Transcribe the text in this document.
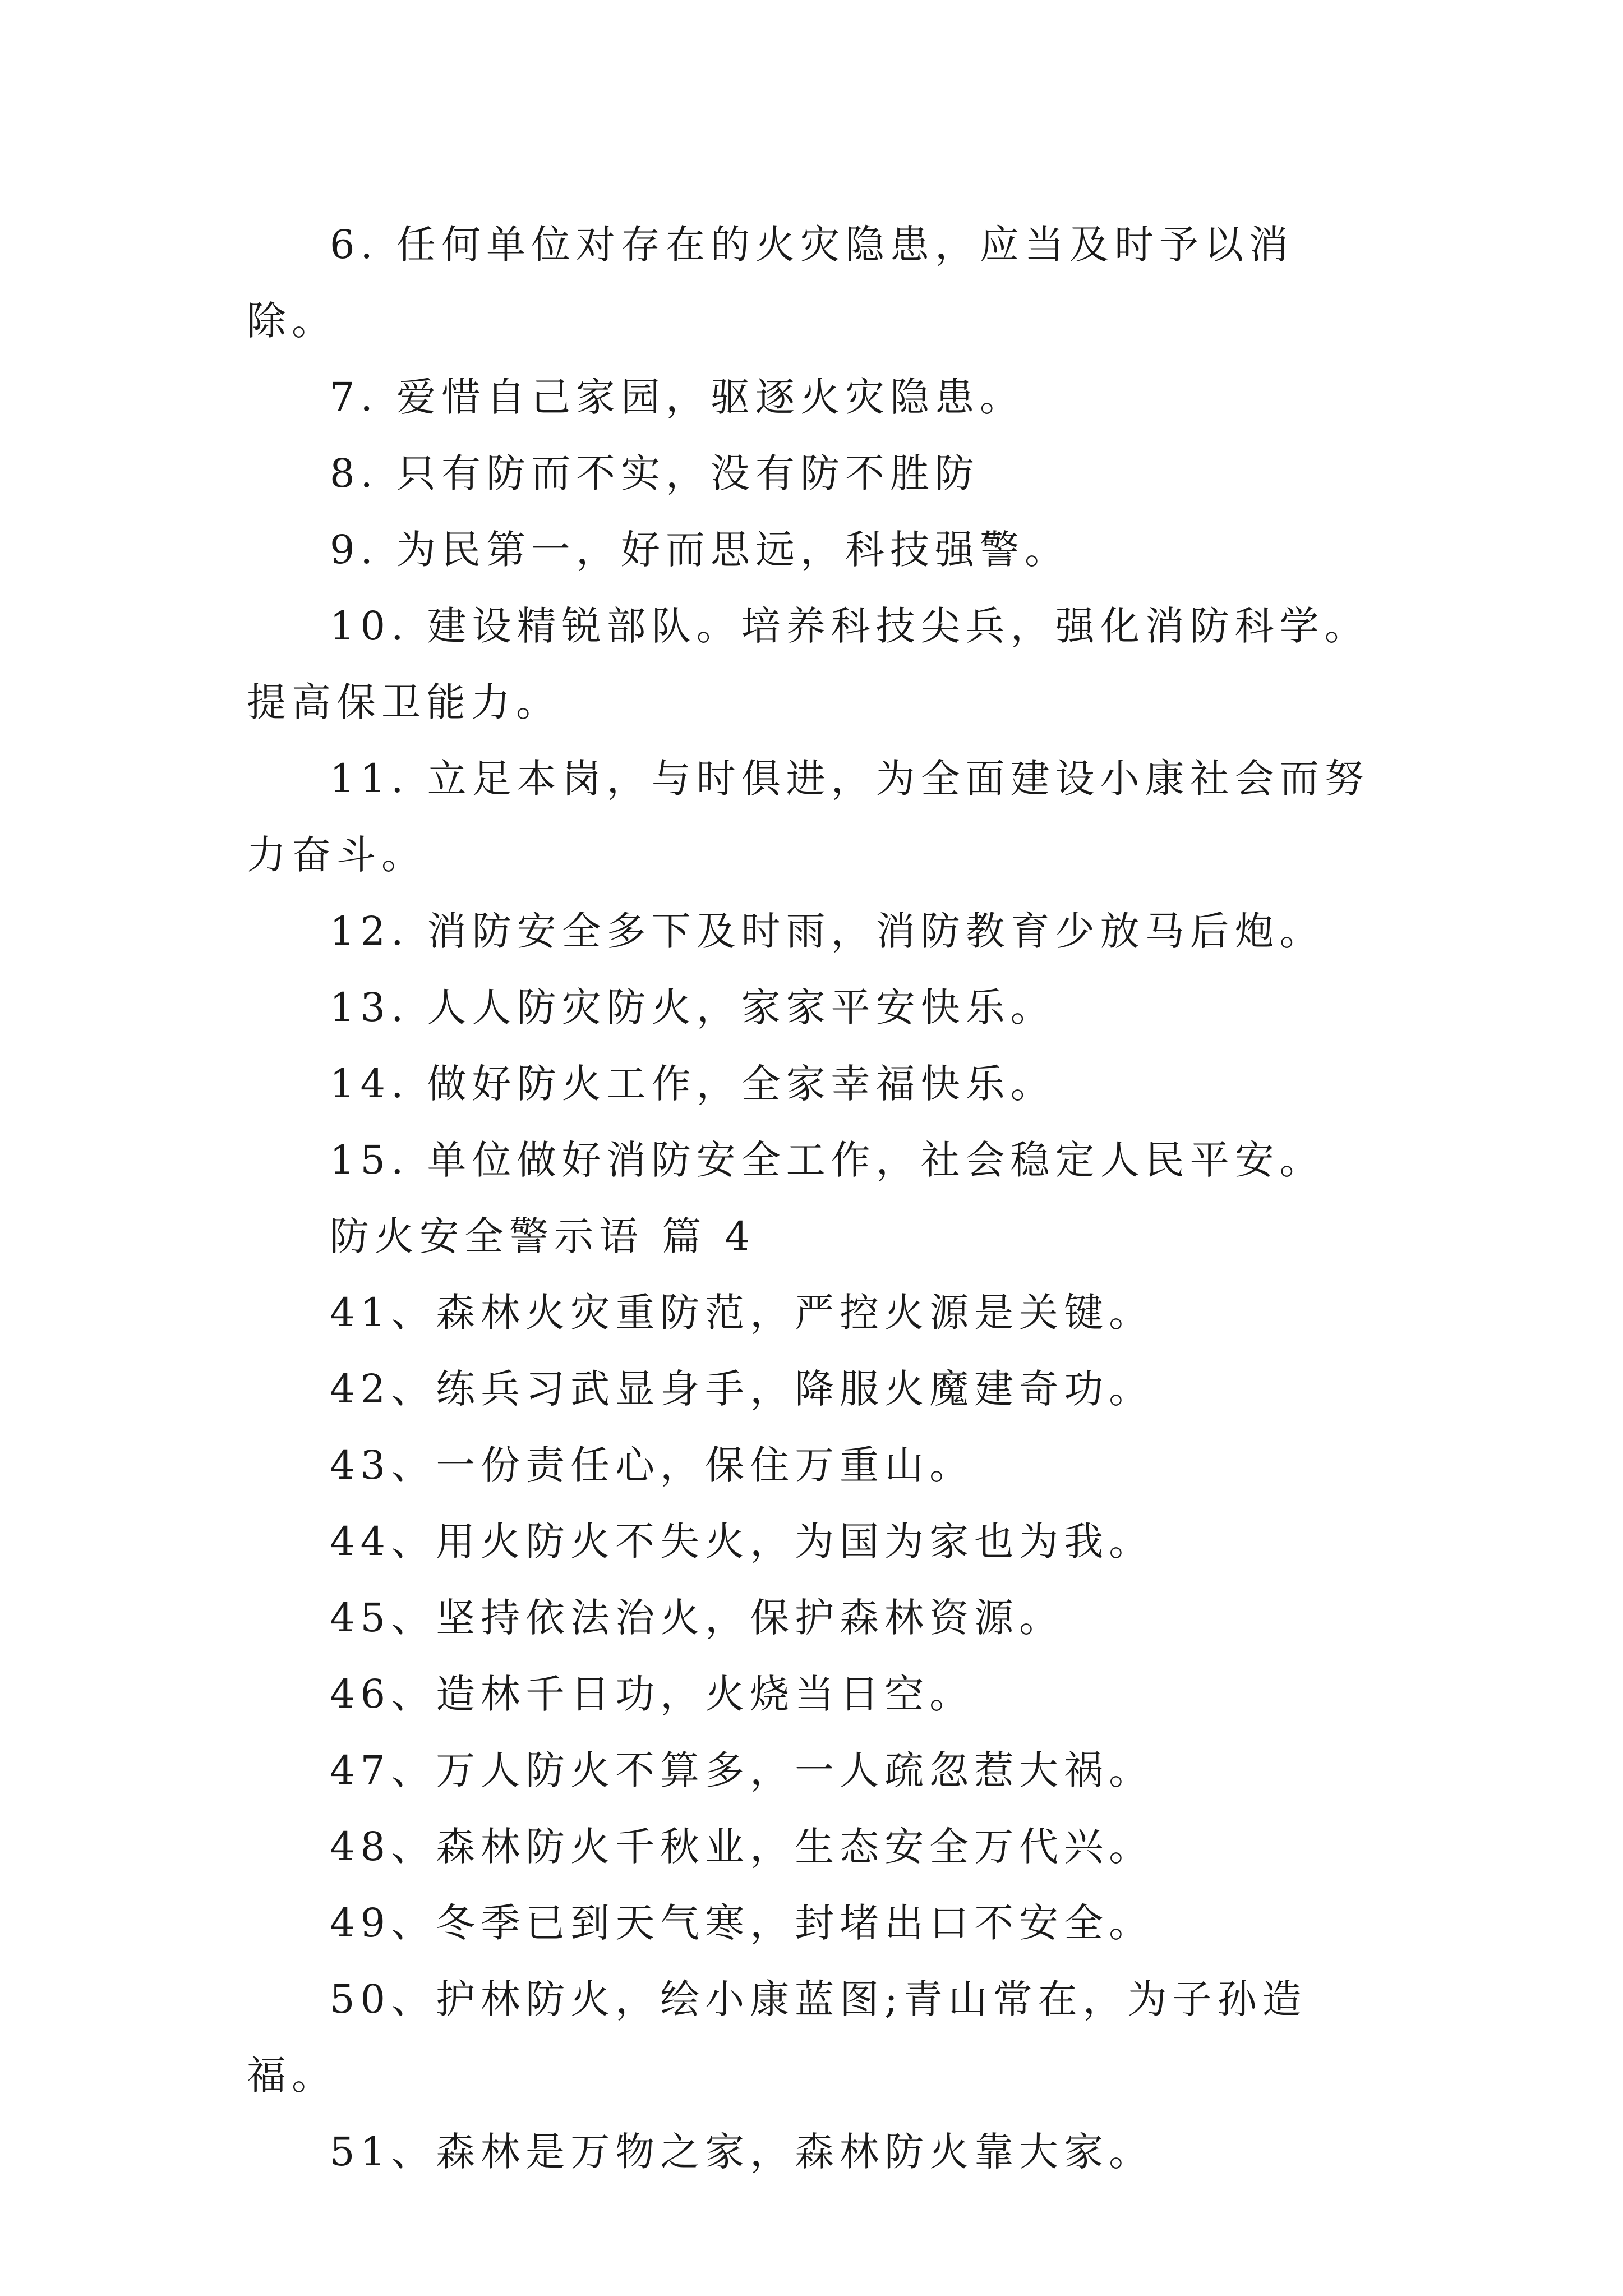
6. 任何单位对存在的火灾隐患，应当及时予以消除。

7. 爱惜自己家园，驱逐火灾隐患。

8. 只有防而不实，没有防不胜防

9. 为民第一，好而思远，科技强警。

10. 建设精锐部队。培养科技尖兵，强化消防科学。提高保卫能力。

11. 立足本岗，与时俱进，为全面建设小康社会而努力奋斗。

12. 消防安全多下及时雨，消防教育少放马后炮。

13. 人人防灾防火，家家平安快乐。

14. 做好防火工作，全家幸福快乐。

15. 单位做好消防安全工作，社会稳定人民平安。

防火安全警示语 篇 4

41、森林火灾重防范，严控火源是关键。

42、练兵习武显身手，降服火魔建奇功。

43、一份责任心，保住万重山。

44、用火防火不失火，为国为家也为我。

45、坚持依法治火，保护森林资源。

46、造林千日功，火烧当日空。

47、万人防火不算多，一人疏忽惹大祸。

48、森林防火千秋业，生态安全万代兴。

49、冬季已到天气寒，封堵出口不安全。

50、护林防火，绘小康蓝图;青山常在，为子孙造福。

51、森林是万物之家，森林防火靠大家。
